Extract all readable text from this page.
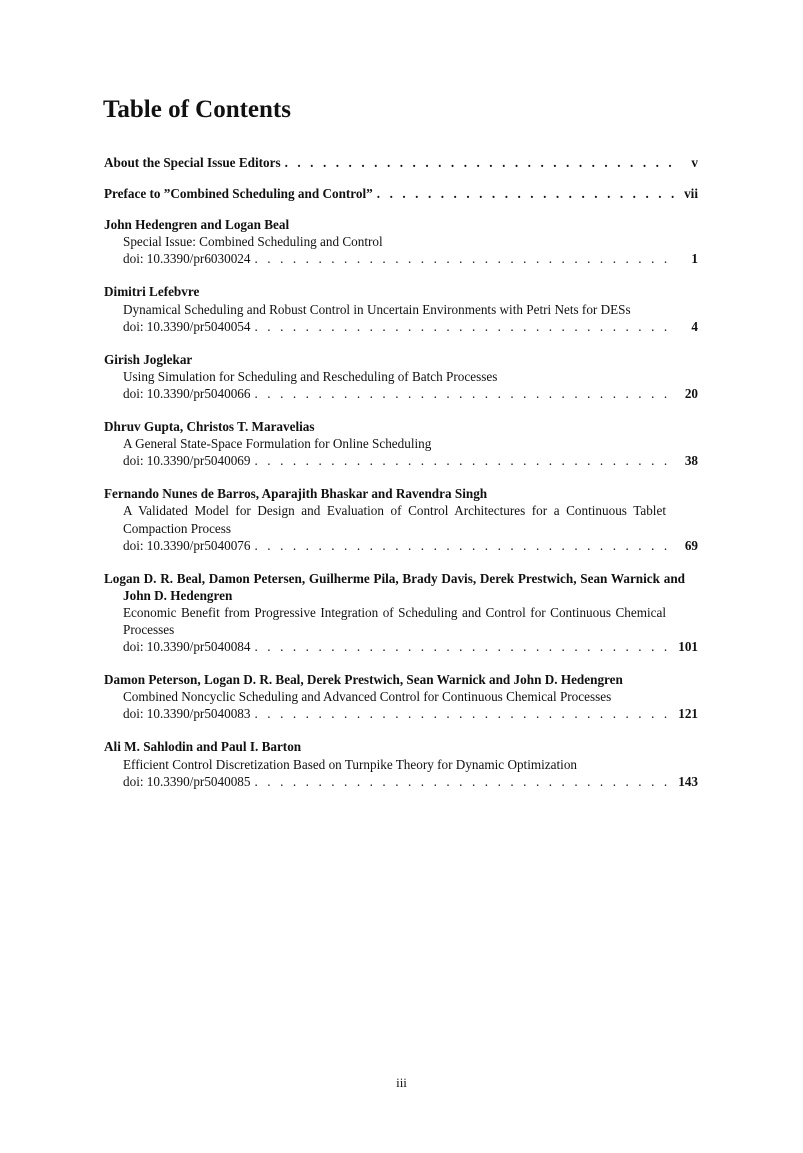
Table of Contents
About the Special Issue Editors . . .	v
Preface to ”Combined Scheduling and Control” . . .	vii
John Hedengren and Logan Beal
Special Issue: Combined Scheduling and Control
doi: 10.3390/pr6030024 . . .	1
Dimitri Lefebvre
Dynamical Scheduling and Robust Control in Uncertain Environments with Petri Nets for DESs
doi: 10.3390/pr5040054 . . .	4
Girish Joglekar
Using Simulation for Scheduling and Rescheduling of Batch Processes
doi: 10.3390/pr5040066 . . .	20
Dhruv Gupta, Christos T. Maravelias
A General State-Space Formulation for Online Scheduling
doi: 10.3390/pr5040069 . . .	38
Fernando Nunes de Barros, Aparajith Bhaskar and Ravendra Singh
A Validated Model for Design and Evaluation of Control Architectures for a Continuous Tablet Compaction Process
doi: 10.3390/pr5040076 . . .	69
Logan D. R. Beal, Damon Petersen, Guilherme Pila, Brady Davis, Derek Prestwich, Sean Warnick and John D. Hedengren
Economic Benefit from Progressive Integration of Scheduling and Control for Continuous Chemical Processes
doi: 10.3390/pr5040084 . . .	101
Damon Peterson, Logan D. R. Beal, Derek Prestwich, Sean Warnick and John D. Hedengren
Combined Noncyclic Scheduling and Advanced Control for Continuous Chemical Processes
doi: 10.3390/pr5040083 . . .	121
Ali M. Sahlodin and Paul I. Barton
Efficient Control Discretization Based on Turnpike Theory for Dynamic Optimization
doi: 10.3390/pr5040085 . . .	143
iii
